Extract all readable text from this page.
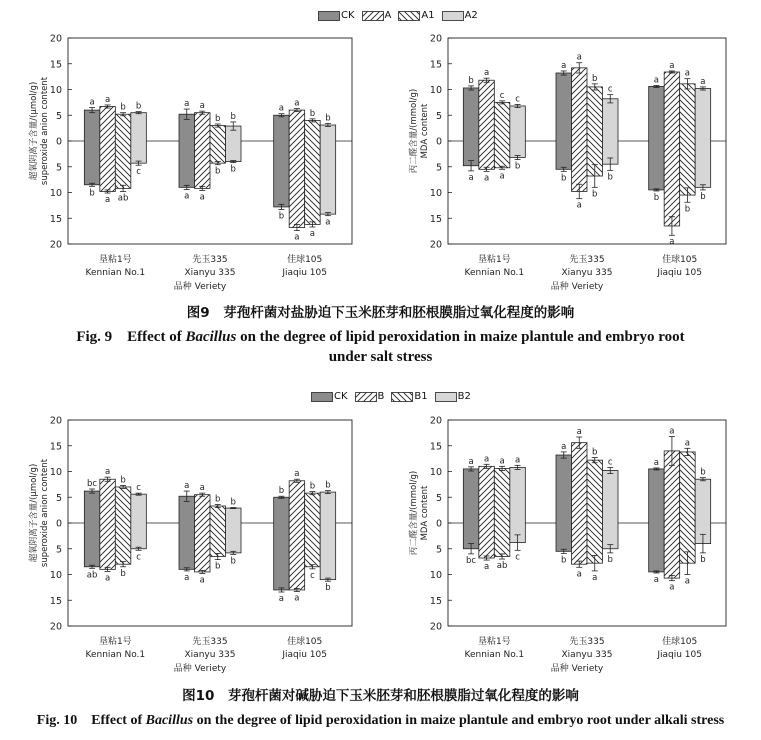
CK	A	A1	A2
CK	B	B1	B2
20
15
10
5
0
5
10
15
20
超氧阴离子含量/(μmol/g) superoxide anion content	a
b
a
a
b
ab
b
c
垦粘1号
Kennian No.1
a
a
a
a
b
b
b
b
先玉335
Xianyu 335
a
b
a
a
b
a
b
a
佳球105
Jiaqiu 105
品种 Veriety
20
15
10
5
0
5
10
15
20
丙二醛含量/(mmol/g) MDA content
b
a
a
a
c
a
c
b
垦粘1号
Kennian No.1
a
b
a
a
b
b
c
b
先玉335
Xianyu 335
a
b
a
a
a
b
a
b
佳球105
Jiaqiu 105
品种 Veriety
20
15
10
5
0
5
10
15
20
超氧阴离子含量/(μmol/g) superoxide anion content	bc
ab
a
a
b
b
c
c
垦粘1号
Kennian No.1
a
a
a
a
b
b
b
b
先玉335
Xianyu 335
b
a
a
a
b
c
b
b
佳球105
Jiaqiu 105
品种 Veriety
20
15
10
5
0
5
10
15
20
丙二醛含量/(mmol/g) MDA content
a
bc
a
a
a
ab
a
c
垦粘1号
Kennian No.1
a
b
a
a
b
a
c
b
先玉335
Xianyu 335
a
a
a
a
a
a
b
b
佳球105
Jiaqiu 105
品种 Veriety
图9　芽孢杆菌对盐胁迫下玉米胚芽和胚根膜脂过氧化程度的影响
Fig. 9　Effect of Bacillus on the degree of lipid peroxidation in maize plantule and embryo root
under salt stress
图10　芽孢杆菌对碱胁迫下玉米胚芽和胚根膜脂过氧化程度的影响
Fig. 10　Effect of Bacillus on the degree of lipid peroxidation in maize plantule and embryo root under alkali stress
